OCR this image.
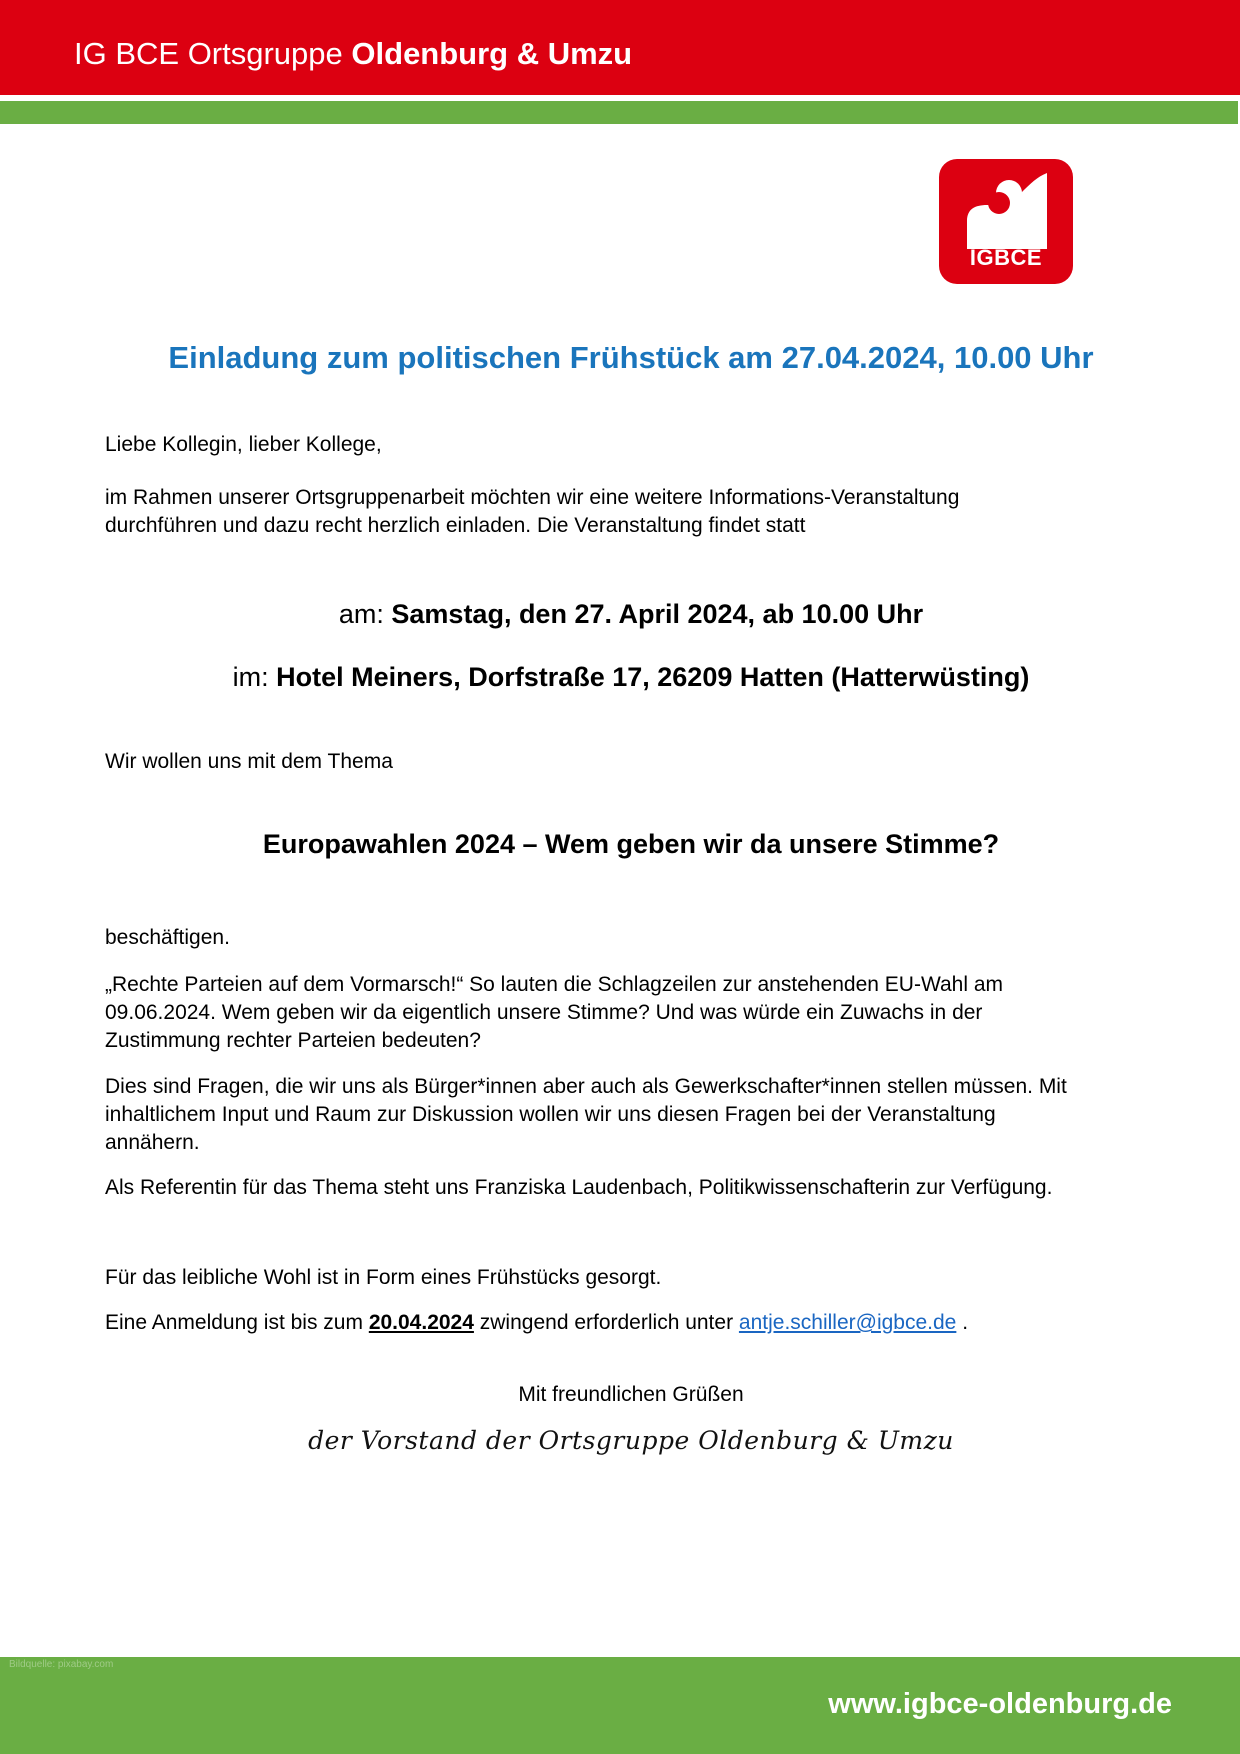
IG BCE Ortsgruppe Oldenburg & Umzu
IGBCE
Einladung zum politischen Frühstück am 27.04.2024, 10.00 Uhr

Liebe Kollegin, lieber Kollege,

im Rahmen unserer Ortsgruppenarbeit möchten wir eine weitere Informations-Veranstaltung
durchführen und dazu recht herzlich einladen. Die Veranstaltung findet statt

am: Samstag, den 27. April 2024, ab 10.00 Uhr
im: Hotel Meiners, Dorfstraße 17, 26209 Hatten (Hatterwüsting)

Wir wollen uns mit dem Thema

Europawahlen 2024 – Wem geben wir da unsere Stimme?

beschäftigen.

„Rechte Parteien auf dem Vormarsch!“ So lauten die Schlagzeilen zur anstehenden EU-Wahl am
09.06.2024. Wem geben wir da eigentlich unsere Stimme? Und was würde ein Zuwachs in der
Zustimmung rechter Parteien bedeuten?

Dies sind Fragen, die wir uns als Bürger*innen aber auch als Gewerkschafter*innen stellen müssen. Mit
inhaltlichem Input und Raum zur Diskussion wollen wir uns diesen Fragen bei der Veranstaltung
annähern.

Als Referentin für das Thema steht uns Franziska Laudenbach, Politikwissenschafterin zur Verfügung.

Für das leibliche Wohl ist in Form eines Frühstücks gesorgt.

Eine Anmeldung ist bis zum 20.04.2024 zwingend erforderlich unter antje.schiller@igbce.de .

Mit freundlichen Grüßen
der Vorstand der Ortsgruppe Oldenburg & Umzu
Bildquelle: pixabay.com
www.igbce-oldenburg.de
